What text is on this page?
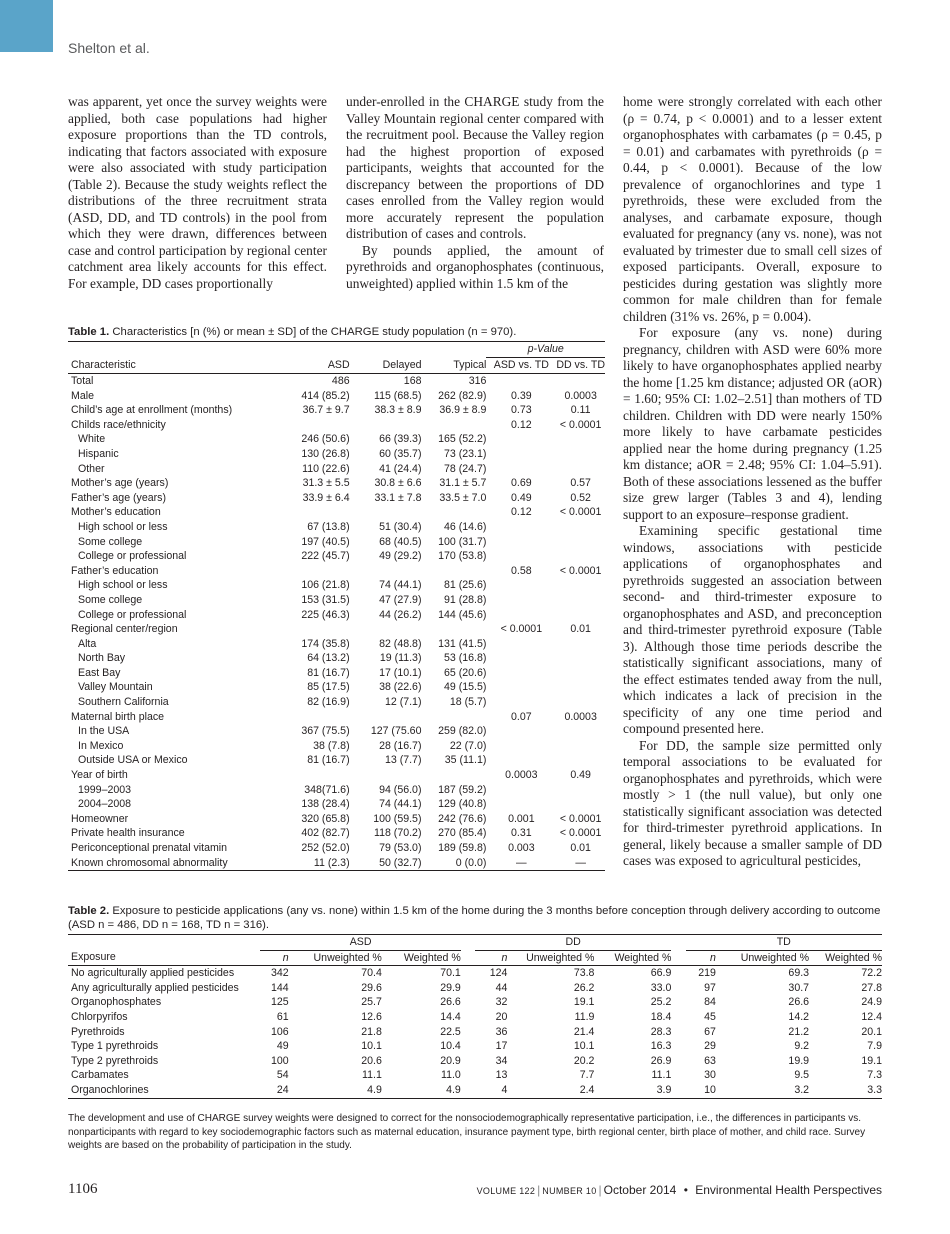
Shelton et al.

was apparent, yet once the survey weights were applied, both case populations had higher exposure proportions than the TD controls, indicating that factors associated with exposure were also associated with study participation (Table 2). Because the study weights reflect the distributions of the three recruitment strata (ASD, DD, and TD controls) in the pool from which they were drawn, differences between case and control participation by regional center catchment area likely accounts for this effect. For example, DD cases proportionally

under-enrolled in the CHARGE study from the Valley Mountain regional center compared with the recruitment pool. Because the Valley region had the highest proportion of exposed participants, weights that accounted for the discrepancy between the proportions of DD cases enrolled from the Valley region would more accurately represent the population distribution of cases and controls.

By pounds applied, the amount of pyrethroids and organophosphates (continuous, unweighted) applied within 1.5 km of the

home were strongly correlated with each other (ρ = 0.74, p < 0.0001) and to a lesser extent organophosphates with carbamates (ρ = 0.45, p = 0.01) and carbamates with pyrethroids (ρ = 0.44, p < 0.0001). Because of the low prevalence of organochlorines and type 1 pyrethroids, these were excluded from the analyses, and carbamate exposure, though evaluated for pregnancy (any vs. none), was not evaluated by trimester due to small cell sizes of exposed participants. Overall, exposure to pesticides during gestation was slightly more common for male children than for female children (31% vs. 26%, p = 0.004).

For exposure (any vs. none) during pregnancy, children with ASD were 60% more likely to have organophosphates applied nearby the home [1.25 km distance; adjusted OR (aOR) = 1.60; 95% CI: 1.02–2.51] than mothers of TD children. Children with DD were nearly 150% more likely to have carbamate pesticides applied near the home during pregnancy (1.25 km distance; aOR = 2.48; 95% CI: 1.04–5.91). Both of these associations lessened as the buffer size grew larger (Tables 3 and 4), lending support to an exposure–response gradient.

Examining specific gestational time windows, associations with pesticide applications of organophosphates and pyrethroids suggested an association between second- and third-trimester exposure to organophosphates and ASD, and preconception and third-trimester pyrethroid exposure (Table 3). Although those time periods describe the statistically significant associations, many of the effect estimates tended away from the null, which indicates a lack of precision in the specificity of any one time period and compound presented here.

For DD, the sample size permitted only temporal associations to be evaluated for organophosphates and pyrethroids, which were mostly > 1 (the null value), but only one statistically significant association was detected for third-trimester pyrethroid applications. In general, likely because a smaller sample of DD cases was exposed to agricultural pesticides,

Table 1. Characteristics [n (%) or mean ± SD] of the CHARGE study population (n = 970).
				p-Value	
Characteristic	ASD	Delayed	Typical	ASD vs. TD	DD vs. TD
Total	486	168	316		
Male	414 (85.2)	115 (68.5)	262 (82.9)	0.39	0.0003
Child’s age at enrollment (months)	36.7 ± 9.7	38.3 ± 8.9	36.9 ± 8.9	0.73	0.11
Childs race/ethnicity				0.12	< 0.0001
White	246 (50.6)	66 (39.3)	165 (52.2)		
Hispanic	130 (26.8)	60 (35.7)	73 (23.1)		
Other	110 (22.6)	41 (24.4)	78 (24.7)		
Mother’s age (years)	31.3 ± 5.5	30.8 ± 6.6	31.1 ± 5.7	0.69	0.57
Father’s age (years)	33.9 ± 6.4	33.1 ± 7.8	33.5 ± 7.0	0.49	0.52
Mother’s education				0.12	< 0.0001
High school or less	67 (13.8)	51 (30.4)	46 (14.6)		
Some college	197 (40.5)	68 (40.5)	100 (31.7)		
College or professional	222 (45.7)	49 (29.2)	170 (53.8)		
Father’s education				0.58	< 0.0001
High school or less	106 (21.8)	74 (44.1)	81 (25.6)		
Some college	153 (31.5)	47 (27.9)	91 (28.8)		
College or professional	225 (46.3)	44 (26.2)	144 (45.6)		
Regional center/region				< 0.0001	0.01
Alta	174 (35.8)	82 (48.8)	131 (41.5)		
North Bay	64 (13.2)	19 (11.3)	53 (16.8)		
East Bay	81 (16.7)	17 (10.1)	65 (20.6)		
Valley Mountain	85 (17.5)	38 (22.6)	49 (15.5)		
Southern California	82 (16.9)	12 (7.1)	18 (5.7)		
Maternal birth place				0.07	0.0003
In the USA	367 (75.5)	127 (75.60	259 (82.0)		
In Mexico	38 (7.8)	28 (16.7)	22 (7.0)		
Outside USA or Mexico	81 (16.7)	13 (7.7)	35 (11.1)		
Year of birth				0.0003	0.49
1999–2003	348(71.6)	94 (56.0)	187 (59.2)		
2004–2008	138 (28.4)	74 (44.1)	129 (40.8)		
Homeowner	320 (65.8)	100 (59.5)	242 (76.6)	0.001	< 0.0001
Private health insurance	402 (82.7)	118 (70.2)	270 (85.4)	0.31	< 0.0001
Periconceptional prenatal vitamin	252 (52.0)	79 (53.0)	189 (59.8)	0.003	0.01
Known chromosomal abnormality	11 (2.3)	50 (32.7)	0 (0.0)	—	—
Table 2. Exposure to pesticide applications (any vs. none) within 1.5 km of the home during the 3 months before conception through delivery according to outcome (ASD n = 486, DD n = 168, TD n = 316).
	ASD				DD				TD		
Exposure	n	Unweighted %	Weighted %		n	Unweighted %	Weighted %		n	Unweighted %	Weighted %
No agriculturally applied pesticides	342	70.4	70.1		124	73.8	66.9		219	69.3	72.2
Any agriculturally applied pesticides	144	29.6	29.9		44	26.2	33.0		97	30.7	27.8
Organophosphates	125	25.7	26.6		32	19.1	25.2		84	26.6	24.9
Chlorpyrifos	61	12.6	14.4		20	11.9	18.4		45	14.2	12.4
Pyrethroids	106	21.8	22.5		36	21.4	28.3		67	21.2	20.1
Type 1 pyrethroids	49	10.1	10.4		17	10.1	16.3		29	9.2	7.9
Type 2 pyrethroids	100	20.6	20.9		34	20.2	26.9		63	19.9	19.1
Carbamates	54	11.1	11.0		13	7.7	11.1		30	9.5	7.3
Organochlorines	24	4.9	4.9		4	2.4	3.9		10	3.2	3.3
The development and use of CHARGE survey weights were designed to correct for the nonsociodemographically representative participation, i.e., the differences in participants vs. nonparticipants with regard to key sociodemographic factors such as maternal education, insurance payment type, birth regional center, birth place of mother, and child race. Survey weights are based on the probability of participation in the study.
1106	VOLUME 122 | NUMBER 10 | October 2014 • Environmental Health Perspectives
